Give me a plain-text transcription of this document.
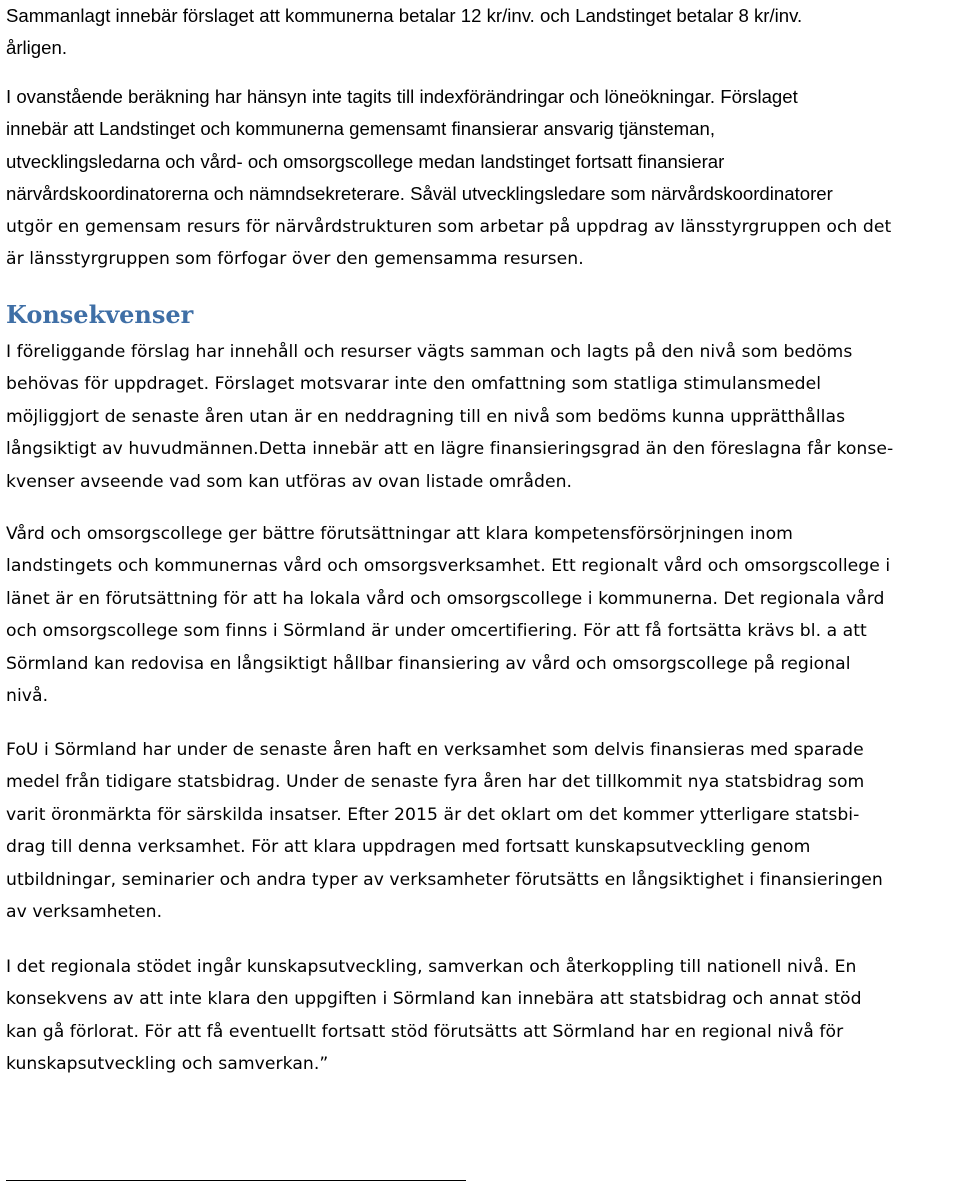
Sammanlagt innebär förslaget att kommunerna betalar 12 kr/inv. och Landstinget betalar 8 kr/inv.

årligen.

I ovanstående beräkning har hänsyn inte tagits till indexförändringar och löneökningar. Förslaget

innebär att Landstinget och kommunerna gemensamt finansierar ansvarig tjänsteman,

utvecklingsledarna och vård- och omsorgscollege medan landstinget fortsatt finansierar

närvårdskoordinatorerna och nämndsekreterare. Såväl utvecklingsledare som närvårdskoordinatorer

utgör en gemensam resurs för närvårdstrukturen som arbetar på uppdrag av länsstyrgruppen och det

är länsstyrgruppen som förfogar över den gemensamma resursen.

Konsekvenser

I föreliggande förslag har innehåll och resurser vägts samman och lagts på den nivå som bedöms

behövas för uppdraget. Förslaget motsvarar inte den omfattning som statliga stimulansmedel

möjliggjort de senaste åren utan är en neddragning till en nivå som bedöms kunna upprätthållas

långsiktigt av huvudmännen.Detta innebär att en lägre finansieringsgrad än den föreslagna får konse-

kvenser avseende vad som kan utföras av ovan listade områden.

Vård och omsorgscollege ger bättre förutsättningar att klara kompetensförsörjningen inom

landstingets och kommunernas vård och omsorgsverksamhet. Ett regionalt vård och omsorgscollege i

länet är en förutsättning för att ha lokala vård och omsorgscollege i kommunerna. Det regionala vård

och omsorgscollege som finns i Sörmland är under omcertifiering. För att få fortsätta krävs bl. a att

Sörmland kan redovisa en långsiktigt hållbar finansiering av vård och omsorgscollege på regional

nivå.

FoU i Sörmland har under de senaste åren haft en verksamhet som delvis finansieras med sparade

medel från tidigare statsbidrag. Under de senaste fyra åren har det tillkommit nya statsbidrag som

varit öronmärkta för särskilda insatser. Efter 2015 är det oklart om det kommer ytterligare statsbi-

drag till denna verksamhet. För att klara uppdragen med fortsatt kunskapsutveckling genom

utbildningar, seminarier och andra typer av verksamheter förutsätts en långsiktighet i finansieringen

av verksamheten.

I det regionala stödet ingår kunskapsutveckling, samverkan och återkoppling till nationell nivå. En

konsekvens av att inte klara den uppgiften i Sörmland kan innebära att statsbidrag och annat stöd

kan gå förlorat. För att få eventuellt fortsatt stöd förutsätts att Sörmland har en regional nivå för

kunskapsutveckling och samverkan.”
